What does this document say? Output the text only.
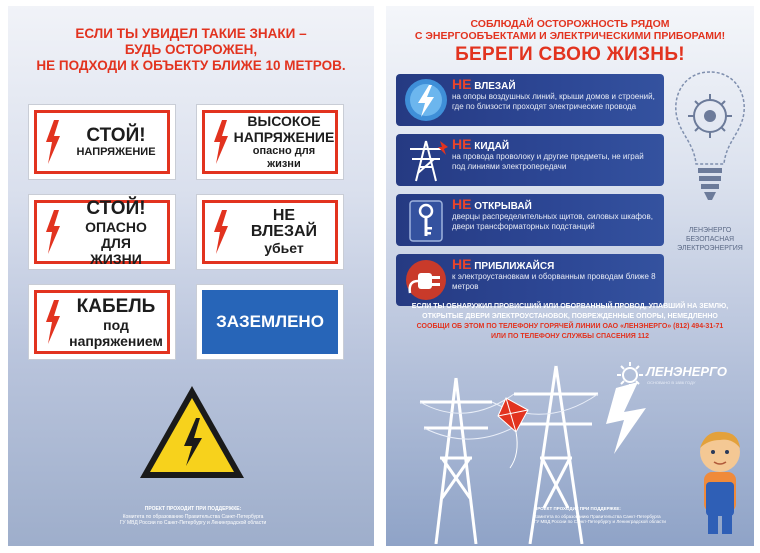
ЕСЛИ ТЫ УВИДЕЛ ТАКИЕ ЗНАКИ –
БУДЬ ОСТОРОЖЕН,
НЕ ПОДХОДИ К ОБЪЕКТУ БЛИЖЕ 10 МЕТРОВ.
СТОЙ!
НАПРЯЖЕНИЕ
ВЫСОКОЕ
НАПРЯЖЕНИЕ
опасно для
жизни
СТОЙ!
ОПАСНО ДЛЯ
ЖИЗНИ
НЕ ВЛЕЗАЙ
убьет
КАБЕЛЬ
под
напряжением
ЗАЗЕМЛЕНО
ПРОЕКТ ПРОХОДИТ ПРИ ПОДДЕРЖКЕ:
Комитета по образованию Правительства Санкт-Петербурга
ГУ МВД России по Санкт-Петербургу и Ленинградской области
СОБЛЮДАЙ ОСТОРОЖНОСТЬ РЯДОМ
С ЭНЕРГООБЪЕКТАМИ И ЭЛЕКТРИЧЕСКИМИ ПРИБОРАМИ!
БЕРЕГИ СВОЮ ЖИЗНЬ!
НЕ ВЛЕЗАЙ
на опоры воздушных линий, крыши домов и строений, где по близости проходят электрические провода
НЕ КИДАЙ
на провода проволоку и другие предметы, не играй под линиями электропередачи
НЕ ОТКРЫВАЙ
дверцы распределительных щитов, силовых шкафов, двери трансформаторных подстанций
НЕ ПРИБЛИЖАЙСЯ
к электроустановкам и оборванным проводам ближе 8 метров
ЛЕНЭНЕРГО
БЕЗОПАСНАЯ
ЭЛЕКТРОЭНЕРГИЯ
ЕСЛИ ТЫ ОБНАРУЖИЛ ПРОВИСШИЙ ИЛИ ОБОРВАННЫЙ ПРОВОД, УПАВШИЙ НА ЗЕМЛЮ,
ОТКРЫТЫЕ ДВЕРИ ЭЛЕКТРОУСТАНОВОК, ПОВРЕЖДЕННЫЕ ОПОРЫ, НЕМЕДЛЕННО
СООБЩИ ОБ ЭТОМ ПО ТЕЛЕФОНУ ГОРЯЧЕЙ ЛИНИИ ОАО «ЛЕНЭНЕРГО» (812) 494-31-71
ИЛИ ПО ТЕЛЕФОНУ СЛУЖБЫ СПАСЕНИЯ 112
ЛЕНЭНЕРГО
ОСНОВАНО В 1886 ГОДУ
ПРОЕКТ ПРОХОДИТ ПРИ ПОДДЕРЖКЕ:
Комитета по образованию Правительства Санкт-Петербурга
ГУ МВД России по Санкт-Петербургу и Ленинградской области
